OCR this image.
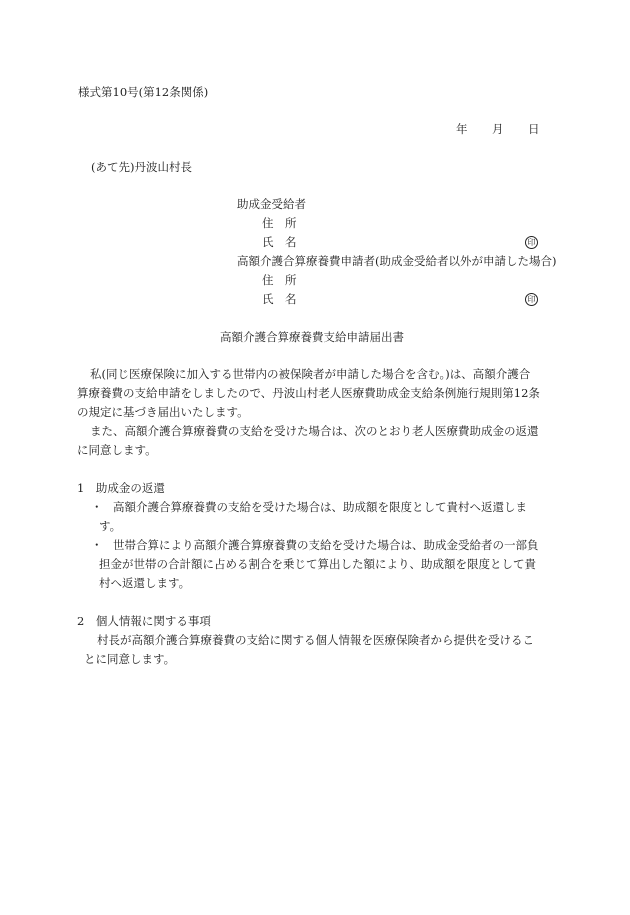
様式第10号(第12条関係)
年 月 日
(あて先)丹波山村長
助成金受給者
住　所
氏　名	印
高額介護合算療養費申請者(助成金受給者以外が申請した場合)
住　所
氏　名	印
高額介護合算療養費支給申請届出書
私(同じ医療保険に加入する世帯内の被保険者が申請した場合を含む。)は、高額介護合
算療養費の支給申請をしましたので、丹波山村老人医療費助成金支給条例施行規則第12条
の規定に基づき届出いたします。
また、高額介護合算療養費の支給を受けた場合は、次のとおり老人医療費助成金の返還
に同意します。
1　助成金の返還
・ 高額介護合算療養費の支給を受けた場合は、助成額を限度として貴村へ返還しま
す。
・ 世帯合算により高額介護合算療養費の支給を受けた場合は、助成金受給者の一部負
担金が世帯の合計額に占める割合を乗じて算出した額により、助成額を限度として貴
村へ返還します。
2　個人情報に関する事項
村長が高額介護合算療養費の支給に関する個人情報を医療保険者から提供を受けるこ
とに同意します。
